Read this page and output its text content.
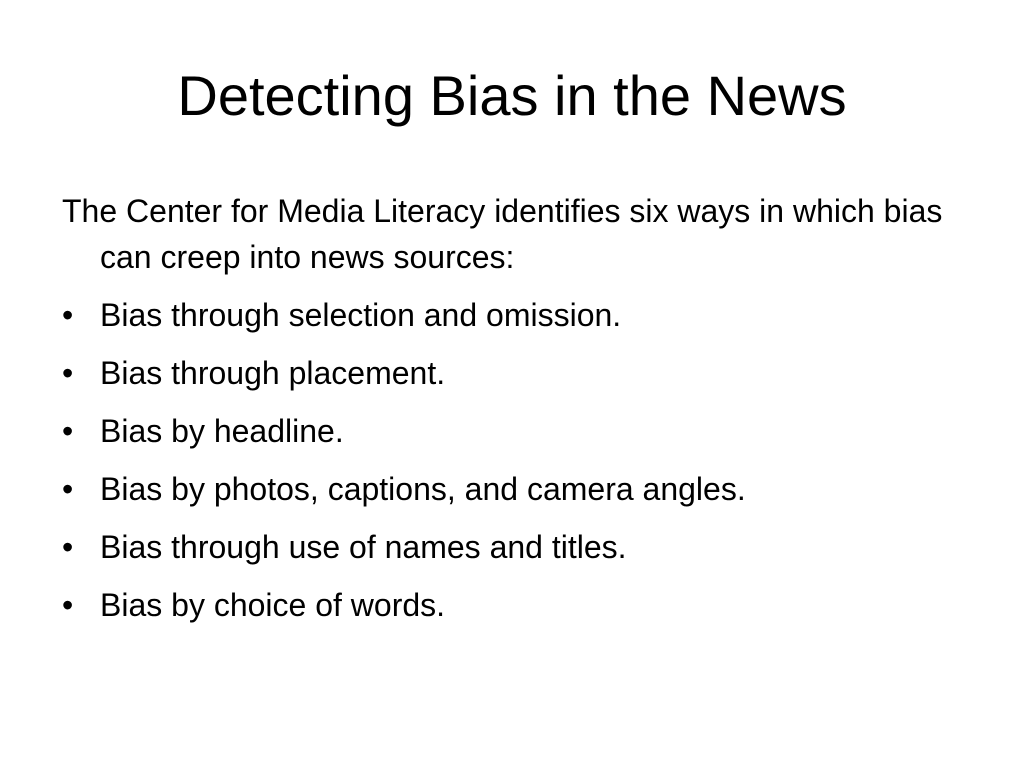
Detecting Bias in the News

The Center for Media Literacy identifies six ways in which bias can creep into news sources:

• Bias through selection and omission.
• Bias through placement.
• Bias by headline.
• Bias by photos, captions, and camera angles.
• Bias through use of names and titles.
• Bias by choice of words.
